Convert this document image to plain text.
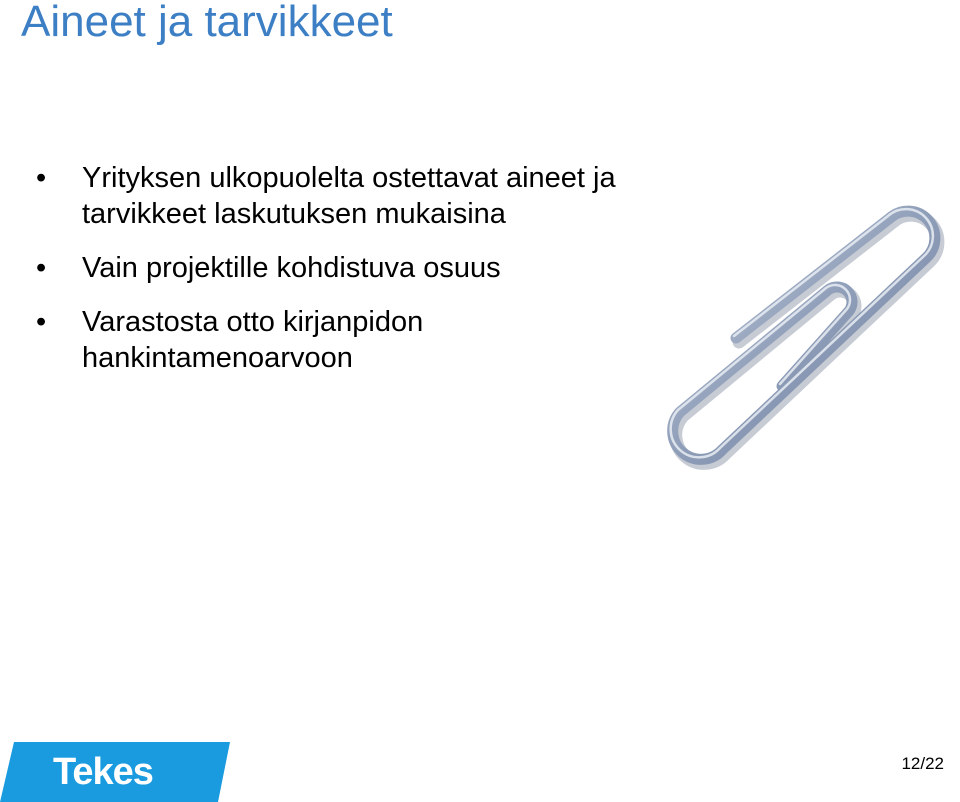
Aineet ja tarvikkeet
•	Yrityksen ulkopuolelta ostettavat aineet ja
tarvikkeet laskutuksen mukaisina
•	Vain projektille kohdistuva osuus
•	Varastosta otto kirjanpidon
hankintamenoarvoon
Tekes	12/22
